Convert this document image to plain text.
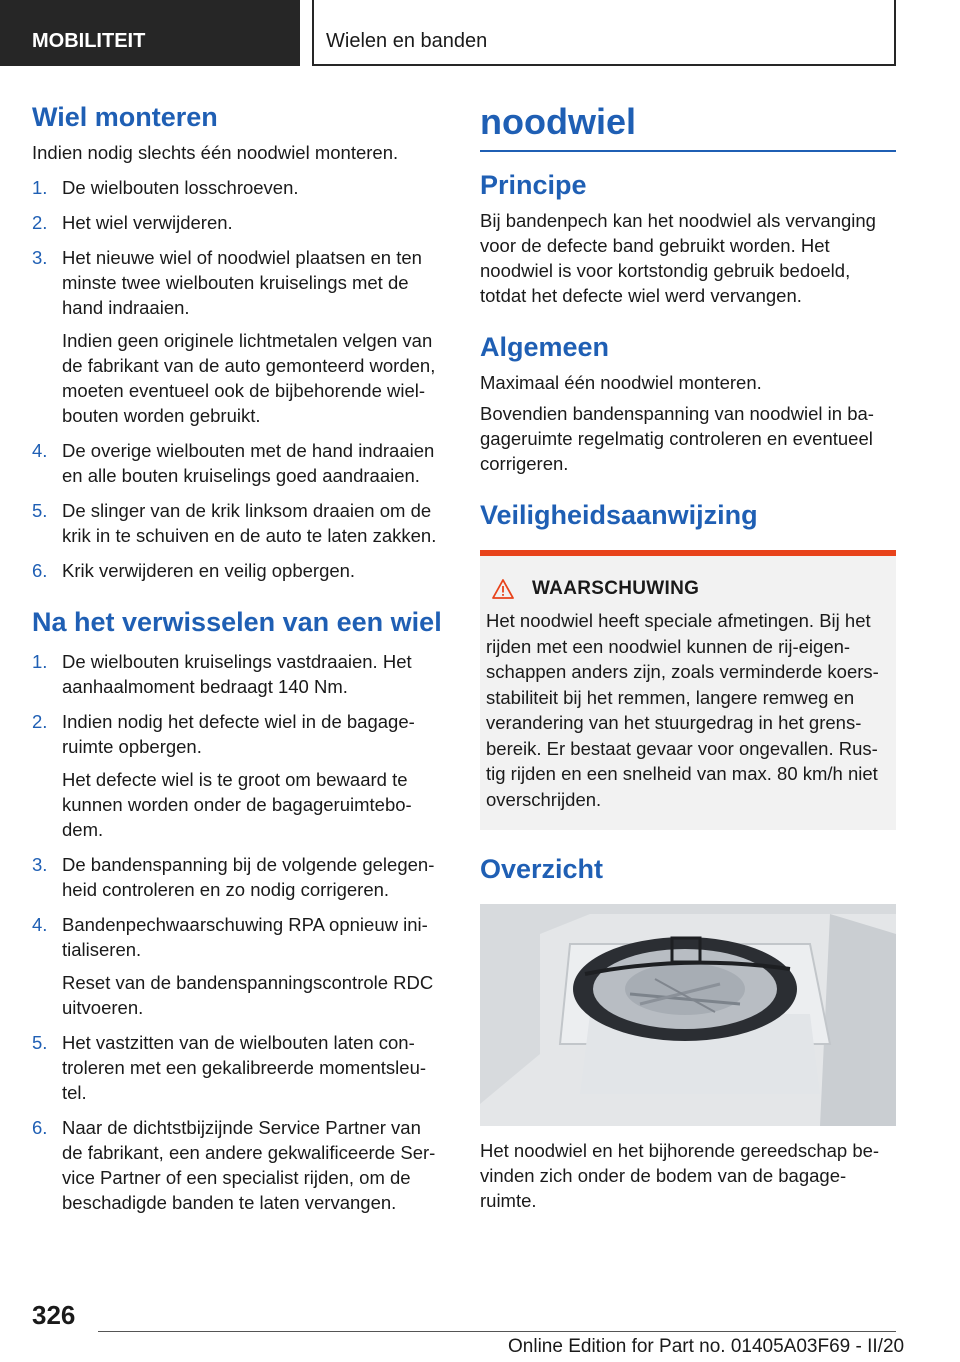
MOBILITEIT	Wielen en banden
Wiel monteren

Indien nodig slechts één noodwiel monteren.

1. De wielbouten losschroeven.
2. Het wiel verwijderen.
3. Het nieuwe wiel of noodwiel plaatsen en ten minste twee wielbouten kruiselings met de hand indraaien.
Indien geen originele lichtmetalen velgen van de fabrikant van de auto gemonteerd worden, moeten eventueel ook de bijbehorende wiel-bouten worden gebruikt.
4. De overige wielbouten met de hand indraaien en alle bouten kruiselings goed aandraaien.
5. De slinger van de krik linksom draaien om de krik in te schuiven en de auto te laten zakken.
6. Krik verwijderen en veilig opbergen.
Na het verwisselen van een wiel
1. De wielbouten kruiselings vastdraaien. Het aanhaalmoment bedraagt 140 Nm.
2. Indien nodig het defecte wiel in de bagage-ruimte opbergen.
Het defecte wiel is te groot om bewaard te kunnen worden onder de bagageruimtebo-dem.
3. De bandenspanning bij de volgende gelegen-heid controleren en zo nodig corrigeren.
4. Bandenpechwaarschuwing RPA opnieuw ini-tialiseren.
Reset van de bandenspanningscontrole RDC uitvoeren.
5. Het vastzitten van de wielbouten laten con-troleren met een gekalibreerde momentsleu-tel.
6. Naar de dichtstbijzijnde Service Partner van de fabrikant, een andere gekwalificeerde Ser-vice Partner of een specialist rijden, om de beschadigde banden te laten vervangen.
noodwiel
Principe

Bij bandenpech kan het noodwiel als vervanging voor de defecte band gebruikt worden. Het noodwiel is voor kortstondig gebruik bedoeld, totdat het defecte wiel werd vervangen.

Algemeen

Maximaal één noodwiel monteren.

Bovendien bandenspanning van noodwiel in ba-gageruimte regelmatig controleren en eventueel corrigeren.

Veiligheidsaanwijzing
WAARSCHUWING
Het noodwiel heeft speciale afmetingen. Bij het rijden met een noodwiel kunnen de rij-eigen-schappen anders zijn, zoals verminderde koers-stabiliteit bij het remmen, langere remweg en verandering van het stuurgedrag in het grens-bereik. Er bestaat gevaar voor ongevallen. Rus-tig rijden en een snelheid van max. 80 km/h niet overschrijden.
Overzicht

Het noodwiel en het bijhorende gereedschap be-vinden zich onder de bodem van de bagage-ruimte.

326
Online Edition for Part no. 01405A03F69 - II/20
